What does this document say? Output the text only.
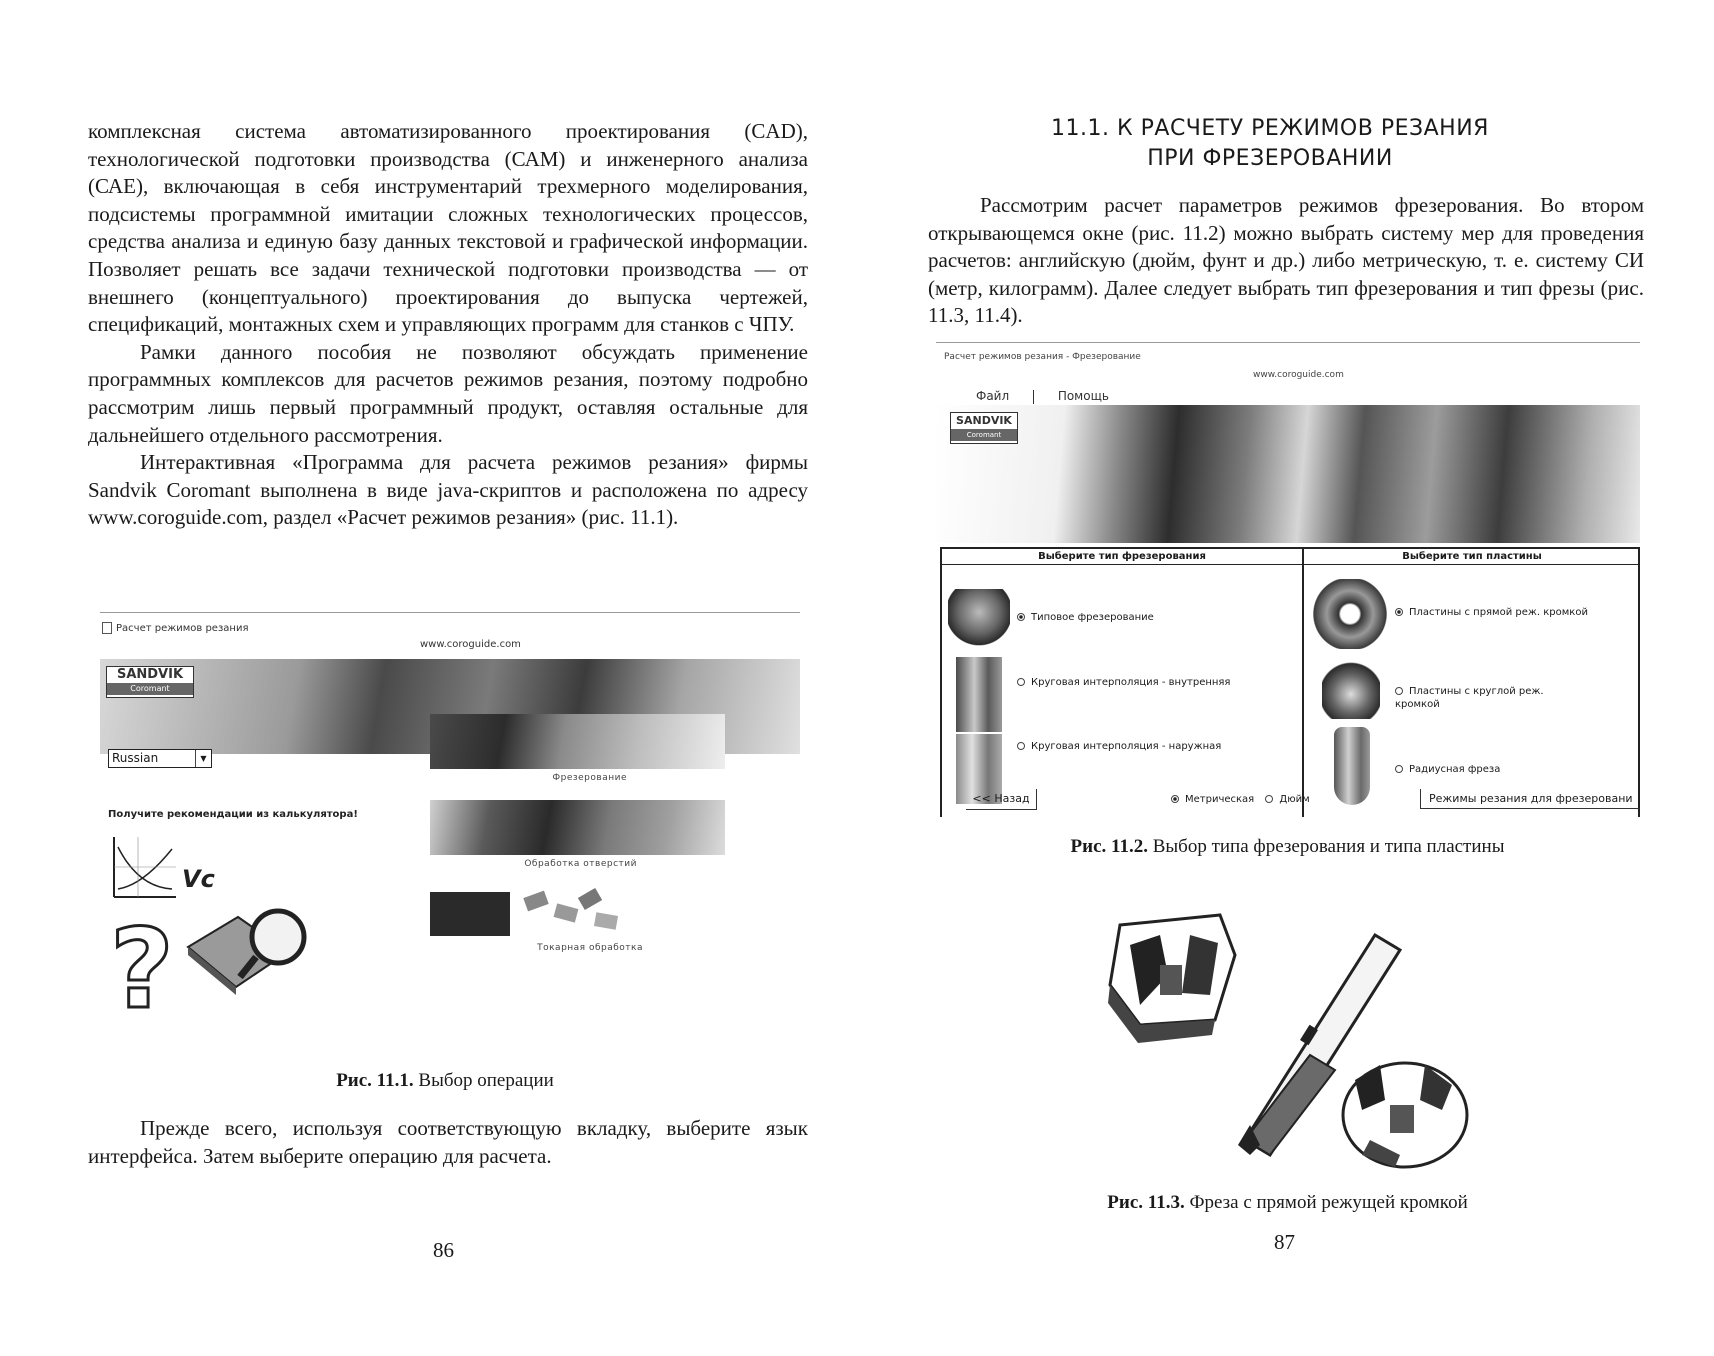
комплексная система автоматизированного проектирования (CAD), технологической подготовки производства (САМ) и инженерного анализа (САЕ), включающая в себя инструментарий трехмерного моделирования, подсистемы программной имитации сложных технологических процессов, средства анализа и единую базу данных текстовой и графической информации. Позволяет решать все задачи технической подготовки производства — от внешнего (концептуального) проектирования до выпуска чертежей, спецификаций, монтажных схем и управляющих программ для станков с ЧПУ.

Рамки данного пособия не позволяют обсуждать применение программных комплексов для расчетов режимов резания, поэтому подробно рассмотрим лишь первый программный продукт, оставляя остальные для дальнейшего отдельного рассмотрения.

Интерактивная «Программа для расчета режимов резания» фирмы Sandvik Coromant выполнена в виде java-скриптов и расположена по адресу www.coroguide.com, раздел «Расчет режимов резания» (рис. 11.1).

Расчет режимов резания
www.coroguide.com
SANDVIK
Coromant
Russian	▼
Получите рекомендации из калькулятора!
Vc
?
Фрезерование
Обработка отверстий
Токарная обработка
Рис. 11.1. Выбор операции

Прежде всего, используя соответствующую вкладку, выберите язык интерфейса. Затем выберите операцию для расчета.

86
11.1. К РАСЧЕТУ РЕЖИМОВ РЕЗАНИЯ
ПРИ ФРЕЗЕРОВАНИИ

Рассмотрим расчет параметров режимов фрезерования. Во втором открывающемся окне (рис. 11.2) можно выбрать систему мер для проведения расчетов: английскую (дюйм, фунт и др.) либо метрическую, т. е. систему СИ (метр, килограмм). Далее следует выбрать тип фрезерования и тип фрезы (рис. 11.3, 11.4).

Расчет режимов резания - Фрезерование
www.coroguide.com
Файл	Помощь
SANDVIK
Coromant
Выберите тип фрезерования	Выберите тип пластины
Типовое фрезерование
Круговая интерполяция - внутренняя
Круговая интерполяция - наружная
Пластины с прямой реж. кромкой
Пластины с круглой реж. кромкой
Радиусная фреза
<< Назад	Метрическая	Дюйм	Режимы резания для фрезеровани
Рис. 11.2. Выбор типа фрезерования и типа пластины
Рис. 11.3. Фреза с прямой режущей кромкой
87
